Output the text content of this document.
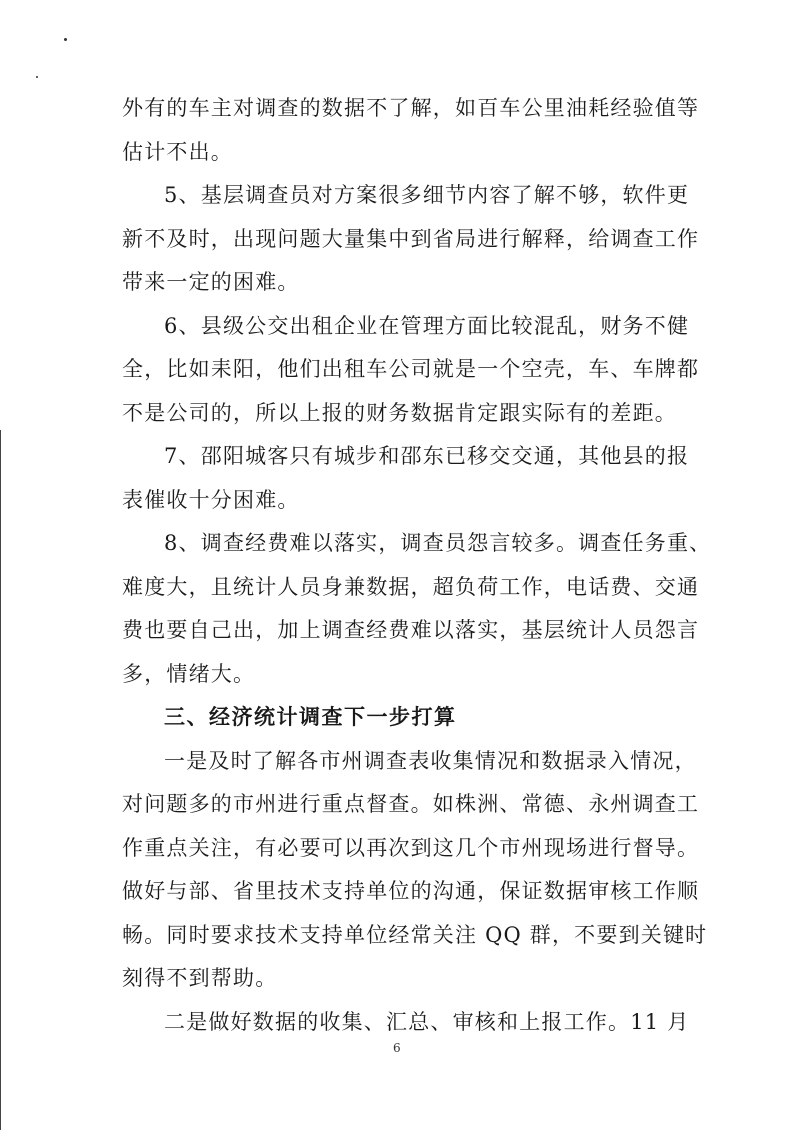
外有的车主对调查的数据不了解，如百车公里油耗经验值等
估计不出。
5、基层调查员对方案很多细节内容了解不够，软件更
新不及时，出现问题大量集中到省局进行解释，给调查工作
带来一定的困难。
6、县级公交出租企业在管理方面比较混乱，财务不健
全，比如耒阳，他们出租车公司就是一个空壳，车、车牌都
不是公司的，所以上报的财务数据肯定跟实际有的差距。
7、邵阳城客只有城步和邵东已移交交通，其他县的报
表催收十分困难。
8、调查经费难以落实，调查员怨言较多。调查任务重、
难度大，且统计人员身兼数据，超负荷工作，电话费、交通
费也要自己出，加上调查经费难以落实，基层统计人员怨言
多，情绪大。
三、经济统计调查下一步打算
一是及时了解各市州调查表收集情况和数据录入情况，
对问题多的市州进行重点督查。如株洲、常德、永州调查工
作重点关注，有必要可以再次到这几个市州现场进行督导。
做好与部、省里技术支持单位的沟通，保证数据审核工作顺
畅。同时要求技术支持单位经常关注 QQ 群，不要到关键时
刻得不到帮助。
二是做好数据的收集、汇总、审核和上报工作。11 月
6
